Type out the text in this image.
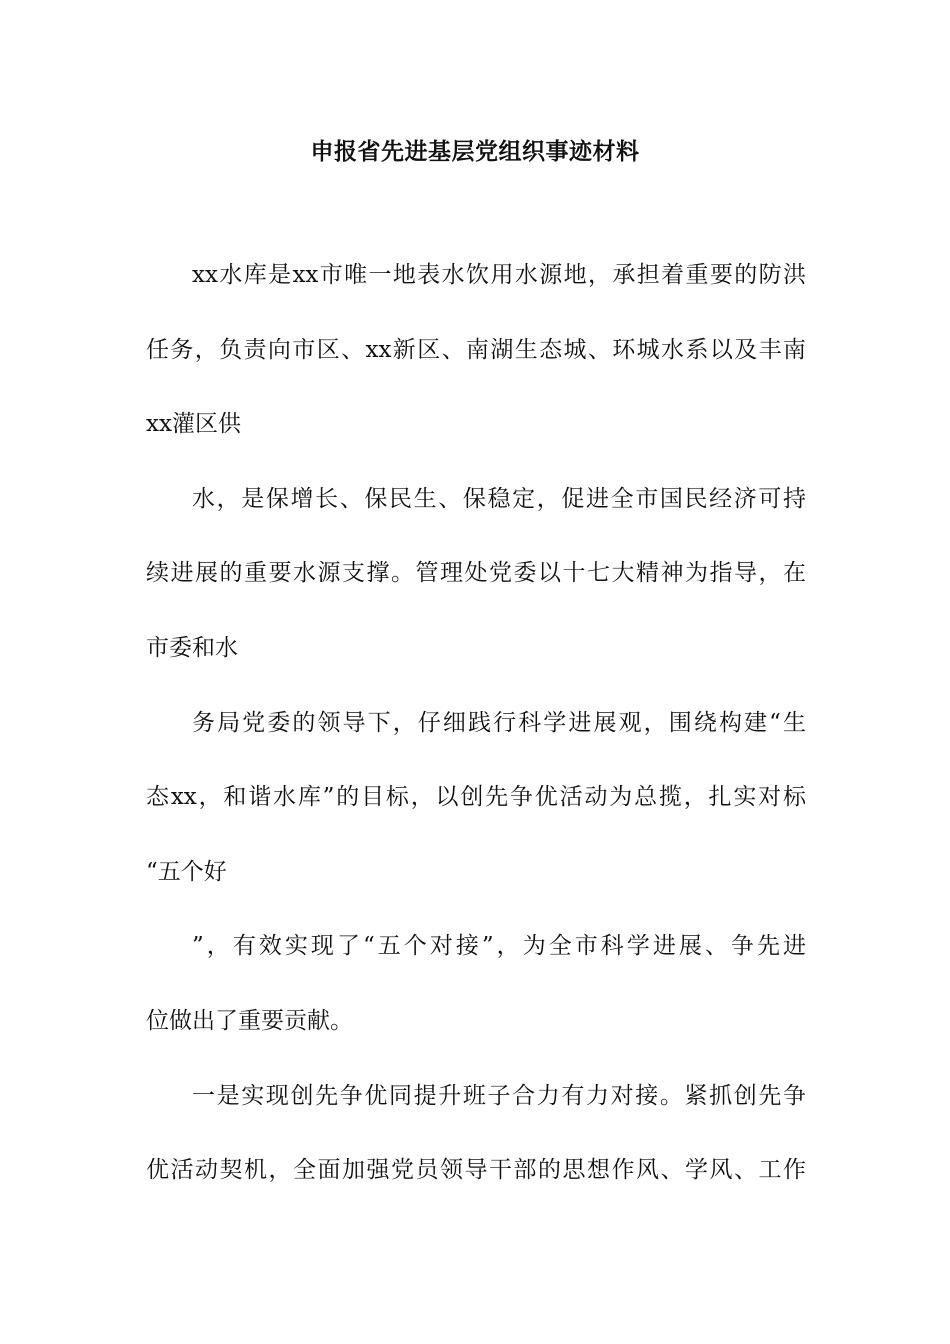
申报省先进基层党组织事迹材料
xx水库是xx市唯一地表水饮用水源地，承担着重要的防洪
任务，负责向市区、xx新区、南湖生态城、环城水系以及丰南
xx灌区供
水，是保增长、保民生、保稳定，促进全市国民经济可持
续进展的重要水源支撑。管理处党委以十七大精神为指导，在
市委和水
务局党委的领导下，仔细践行科学进展观，围绕构建“生
态xx，和谐水库”的目标，以创先争优活动为总揽，扎实对标
“五个好
”，有效实现了“五个对接”，为全市科学进展、争先进
位做出了重要贡献。
一是实现创先争优同提升班子合力有力对接。紧抓创先争
优活动契机，全面加强党员领导干部的思想作风、学风、工作
